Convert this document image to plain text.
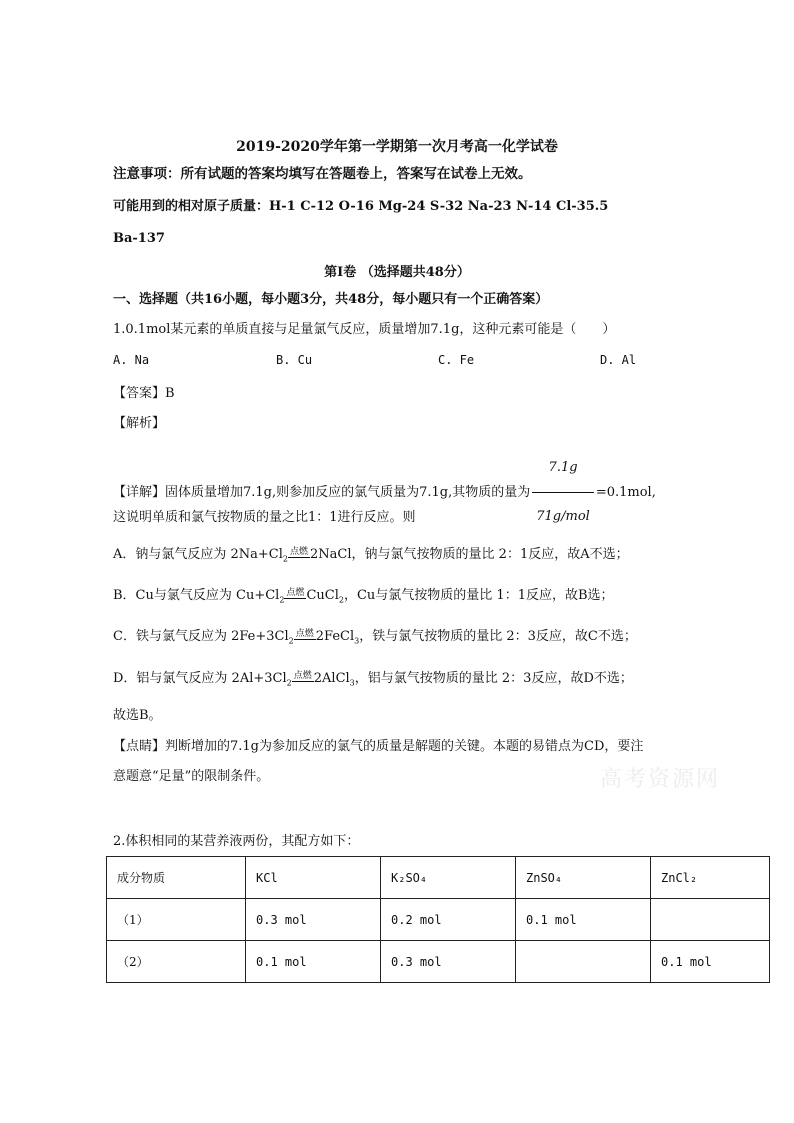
2019-2020学年第一学期第一次月考高一化学试卷
注意事项：所有试题的答案均填写在答题卷上，答案写在试卷上无效。
可能用到的相对原子质量：H-1 C-12 O-16 Mg-24 S-32 Na-23 N-14 Cl-35.5
Ba-137
第Ⅰ卷 （选择题共48分）
一、选择题（共16小题，每小题3分，共48分，每小题只有一个正确答案）
1.0.1mol某元素的单质直接与足量氯气反应，质量增加7.1g，这种元素可能是（　　）
A. Na	B. Cu	C. Fe	D. Al
【答案】B
【解析】
【详解】固体质量增加7.1g,则参加反应的氯气质量为7.1g,其物质的量为 $\frac{7.1g}{\text{71g/mol}} =0.1mol$,
这说明单质和氯气按物质的量之比1：1进行反应。则
A．钠与氯气反应为 $2Na+Cl_2$点燃 2NaCl，钠与氯气按物质的量比 2：1反应，故A不选；
B．Cu与氯气反应为 $Cu+Cl_2$点燃 CuCl$_2$，Cu与氯气按物质的量比 1：1反应，故B选；
C．铁与氯气反应为 $2Fe+3Cl_2$点燃 2FeCl$_3$，铁与氯气按物质的量比 2：3反应，故C不选；
D．铝与氯气反应为 $2Al+3Cl_2$点燃 2AlCl$_3$，铝与氯气按物质的量比 2：3反应，故D不选；
故选B。
【点睛】判断增加的7.1g为参加反应的氯气的质量是解题的关键。本题的易错点为CD，要注
意题意“足量”的限制条件。	高考资源网
2.体积相同的某营养液两份，其配方如下：
成分物质	KCl	K₂SO₄	ZnSO₄	ZnCl₂
（1）	0.3 mol	0.2 mol	0.1 mol	
（2）	0.1 mol	0.3 mol		0.1 mol
